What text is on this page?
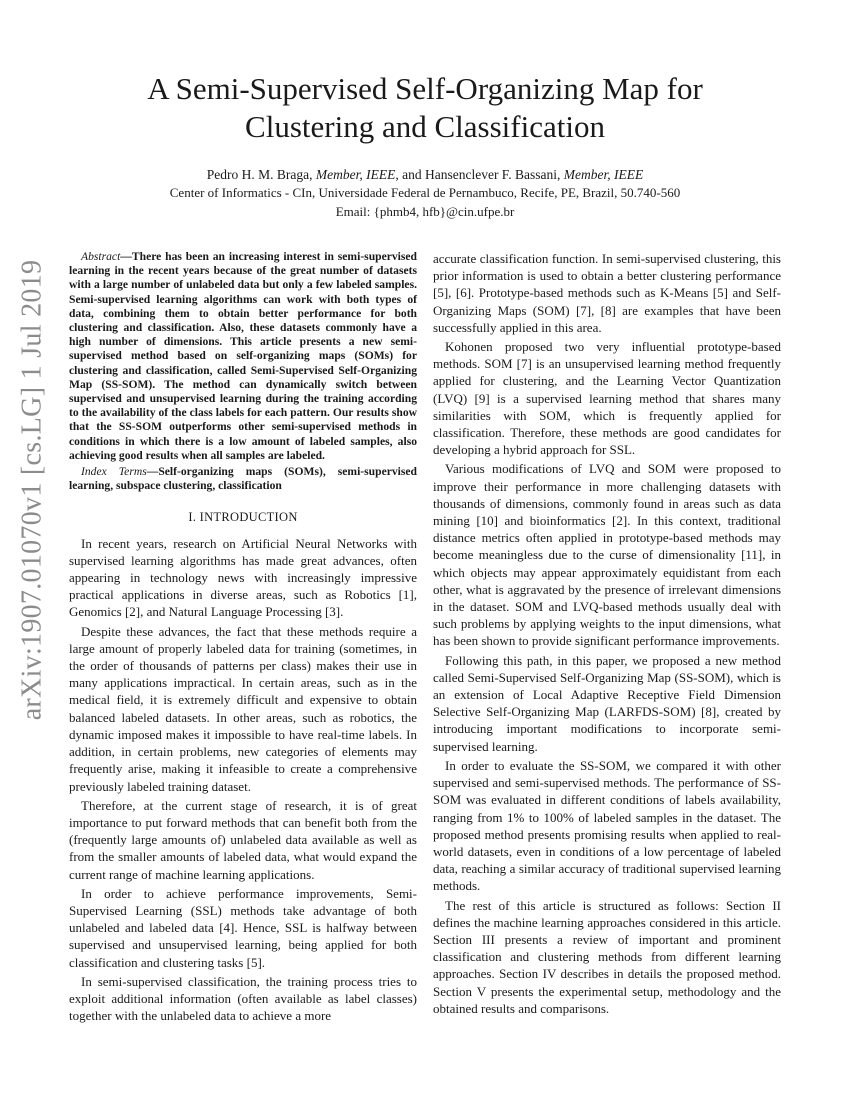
arXiv:1907.01070v1 [cs.LG] 1 Jul 2019
A Semi-Supervised Self-Organizing Map for
Clustering and Classification
Pedro H. M. Braga, Member, IEEE, and Hansenclever F. Bassani, Member, IEEE
Center of Informatics - CIn, Universidade Federal de Pernambuco, Recife, PE, Brazil, 50.740-560
Email: {phmb4, hfb}@cin.ufpe.br

Abstract—There has been an increasing interest in semi-supervised learning in the recent years because of the great number of datasets with a large number of unlabeled data but only a few labeled samples. Semi-supervised learning algorithms can work with both types of data, combining them to obtain better performance for both clustering and classification. Also, these datasets commonly have a high number of dimensions. This article presents a new semi-supervised method based on self-organizing maps (SOMs) for clustering and classification, called Semi-Supervised Self-Organizing Map (SS-SOM). The method can dynamically switch between supervised and unsupervised learning during the training according to the availability of the class labels for each pattern. Our results show that the SS-SOM outperforms other semi-supervised methods in conditions in which there is a low amount of labeled samples, also achieving good results when all samples are labeled.

Index Terms—Self-organizing maps (SOMs), semi-supervised learning, subspace clustering, classification

I. INTRODUCTION

In recent years, research on Artificial Neural Networks with supervised learning algorithms has made great advances, often appearing in technology news with increasingly impressive practical applications in diverse areas, such as Robotics [1], Genomics [2], and Natural Language Processing [3].

Despite these advances, the fact that these methods require a large amount of properly labeled data for training (sometimes, in the order of thousands of patterns per class) makes their use in many applications impractical. In certain areas, such as in the medical field, it is extremely difficult and expensive to obtain balanced labeled datasets. In other areas, such as robotics, the dynamic imposed makes it impossible to have real-time labels. In addition, in certain problems, new categories of elements may frequently arise, making it infeasible to create a comprehensive previously labeled training dataset.

Therefore, at the current stage of research, it is of great importance to put forward methods that can benefit both from the (frequently large amounts of) unlabeled data available as well as from the smaller amounts of labeled data, what would expand the current range of machine learning applications.

In order to achieve performance improvements, Semi-Supervised Learning (SSL) methods take advantage of both unlabeled and labeled data [4]. Hence, SSL is halfway between supervised and unsupervised learning, being applied for both classification and clustering tasks [5].

In semi-supervised classification, the training process tries to exploit additional information (often available as label classes) together with the unlabeled data to achieve a more

accurate classification function. In semi-supervised clustering, this prior information is used to obtain a better clustering performance [5], [6]. Prototype-based methods such as K-Means [5] and Self-Organizing Maps (SOM) [7], [8] are examples that have been successfully applied in this area.

Kohonen proposed two very influential prototype-based methods. SOM [7] is an unsupervised learning method frequently applied for clustering, and the Learning Vector Quantization (LVQ) [9] is a supervised learning method that shares many similarities with SOM, which is frequently applied for classification. Therefore, these methods are good candidates for developing a hybrid approach for SSL.

Various modifications of LVQ and SOM were proposed to improve their performance in more challenging datasets with thousands of dimensions, commonly found in areas such as data mining [10] and bioinformatics [2]. In this context, traditional distance metrics often applied in prototype-based methods may become meaningless due to the curse of dimensionality [11], in which objects may appear approximately equidistant from each other, what is aggravated by the presence of irrelevant dimensions in the dataset. SOM and LVQ-based methods usually deal with such problems by applying weights to the input dimensions, what has been shown to provide significant performance improvements.

Following this path, in this paper, we proposed a new method called Semi-Supervised Self-Organizing Map (SS-SOM), which is an extension of Local Adaptive Receptive Field Dimension Selective Self-Organizing Map (LARFDS-SOM) [8], created by introducing important modifications to incorporate semi-supervised learning.

In order to evaluate the SS-SOM, we compared it with other supervised and semi-supervised methods. The performance of SS-SOM was evaluated in different conditions of labels availability, ranging from 1% to 100% of labeled samples in the dataset. The proposed method presents promising results when applied to real-world datasets, even in conditions of a low percentage of labeled data, reaching a similar accuracy of traditional supervised learning methods.

The rest of this article is structured as follows: Section II defines the machine learning approaches considered in this article. Section III presents a review of important and prominent classification and clustering methods from different learning approaches. Section IV describes in details the proposed method. Section V presents the experimental setup, methodology and the obtained results and comparisons.
